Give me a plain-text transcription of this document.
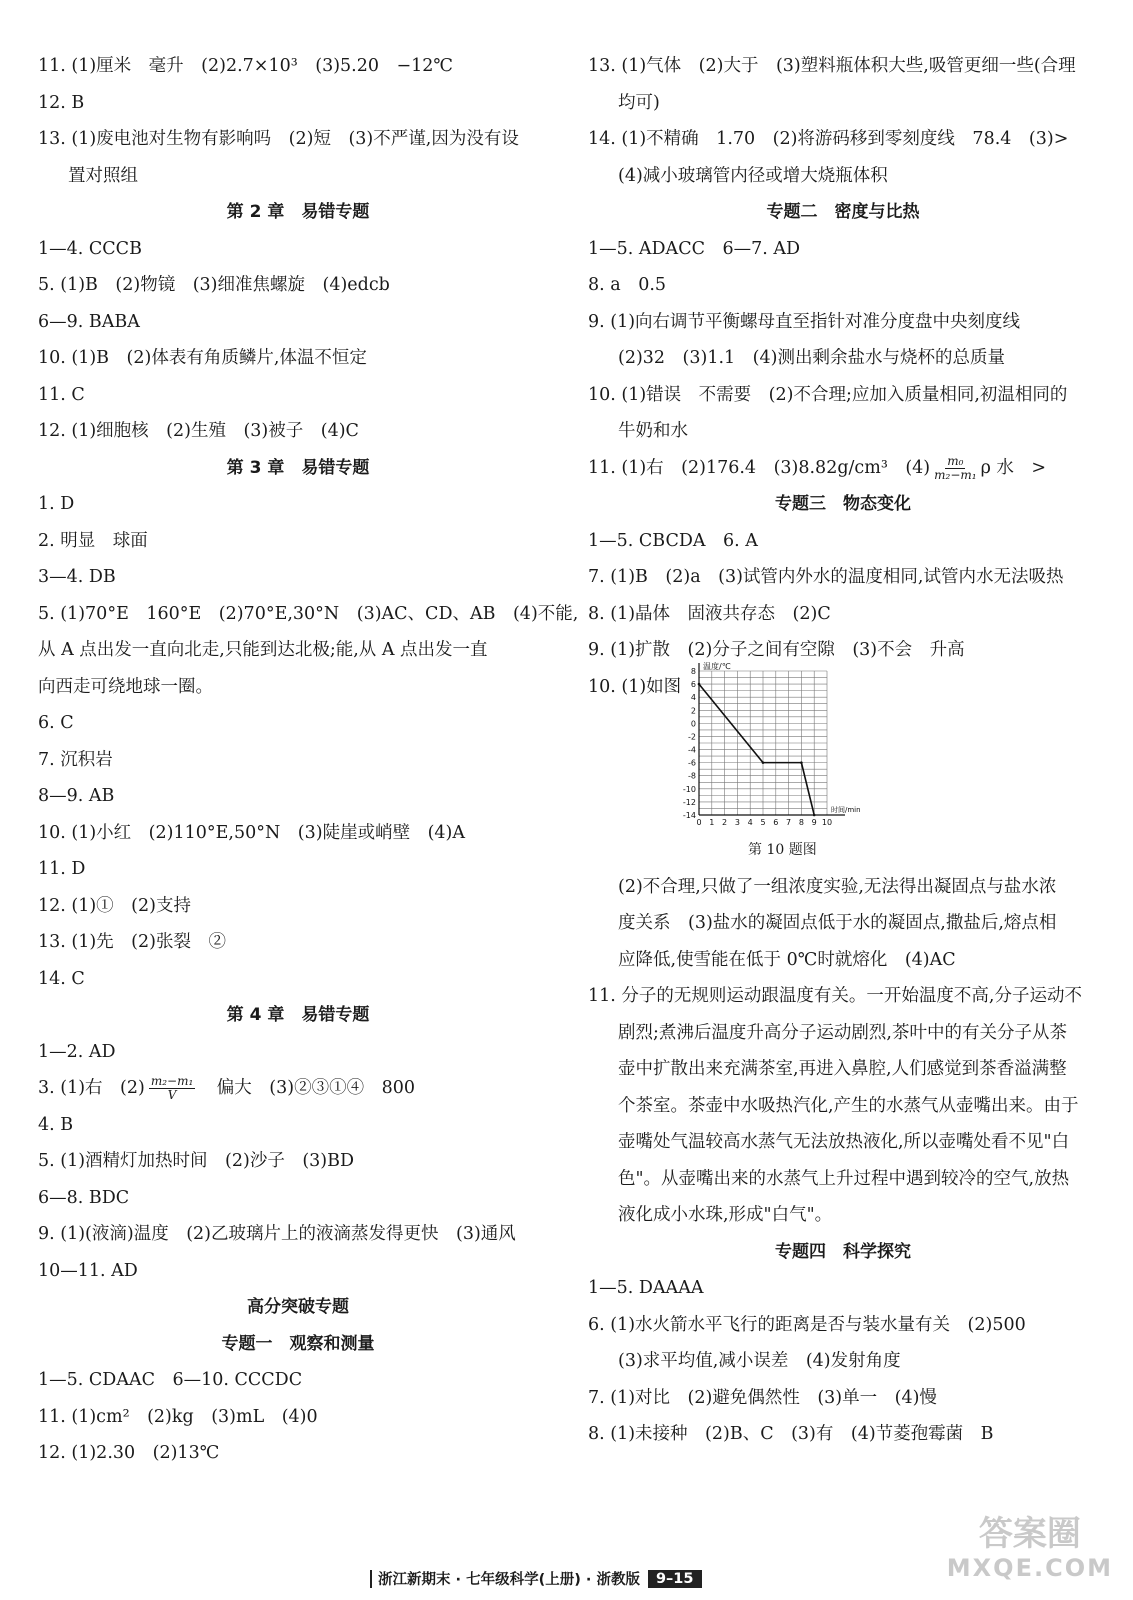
11. (1)厘米　毫升　(2)2.7×10³　(3)5.20　−12℃
12. B
13. (1)废电池对生物有影响吗　(2)短　(3)不严谨,因为没有设
置对照组
第 2 章　易错专题
1—4. CCCB
5. (1)B　(2)物镜　(3)细准焦螺旋　(4)edcb
6—9. BABA
10. (1)B　(2)体表有角质鳞片,体温不恒定
11. C
12. (1)细胞核　(2)生殖　(3)被子　(4)C
第 3 章　易错专题
1. D
2. 明显　球面
3—4. DB
5. (1)70°E　160°E　(2)70°E,30°N　(3)AC、CD、AB　(4)不能,
从 A 点出发一直向北走,只能到达北极;能,从 A 点出发一直
向西走可绕地球一圈。
6. C
7. 沉积岩
8—9. AB
10. (1)小红　(2)110°E,50°N　(3)陡崖或峭壁　(4)A
11. D
12. (1)①　(2)支持
13. (1)先　(2)张裂　②
14. C
第 4 章　易错专题
1—2. AD
3. (1)右　$(2) \frac{\text{m₂−m₁}}{V}$ 　偏大　(3)②③①④　800
4. B
5. (1)酒精灯加热时间　(2)沙子　(3)BD
6—8. BDC
9. (1)(液滴)温度　(2)乙玻璃片上的液滴蒸发得更快　(3)通风
10—11. AD
高分突破专题
专题一　观察和测量
1—5. CDAAC　6—10. CCCDC
11. (1)cm²　(2)kg　(3)mL　(4)0
12. (1)2.30　(2)13℃
13. (1)气体　(2)大于　(3)塑料瓶体积大些,吸管更细一些(合理
均可)
14. (1)不精确　1.70　(2)将游码移到零刻度线　78.4　(3)>
(4)减小玻璃管内径或增大烧瓶体积
专题二　密度与比热
1—5. ADACC　6—7. AD
8. a　0.5
9. (1)向右调节平衡螺母直至指针对准分度盘中央刻度线
(2)32　(3)1.1　(4)测出剩余盐水与烧杯的总质量
10. (1)错误　不需要　(2)不合理;应加入质量相同,初温相同的
牛奶和水
11. (1)右　(2)176.4　(3)8.82g/cm³　$(4) \frac{\text{m₀}}{\text{m₂−m₁}}$ ρ 水　>
专题三　物态变化
1—5. CBCDA　6. A
7. (1)B　(2)a　(3)试管内外水的温度相同,试管内水无法吸热
8. (1)晶体　固液共存态　(2)C
9. (1)扩散　(2)分子之间有空隙　(3)不会　升高
10. (1)如图
8
6
4
2
0
-2
-4
-6
-8
-10
-12
-14
0 1 2 3 4 5 6 7 8 9 10
温度/℃
时间/min
第 10 题图
(2)不合理,只做了一组浓度实验,无法得出凝固点与盐水浓
度关系　(3)盐水的凝固点低于水的凝固点,撒盐后,熔点相
应降低,使雪能在低于 0℃时就熔化　(4)AC
11. 分子的无规则运动跟温度有关。一开始温度不高,分子运动不
剧烈;煮沸后温度升高分子运动剧烈,茶叶中的有关分子从茶
壶中扩散出来充满茶室,再进入鼻腔,人们感觉到茶香溢满整
个茶室。茶壶中水吸热汽化,产生的水蒸气从壶嘴出来。由于
壶嘴处气温较高水蒸气无法放热液化,所以壶嘴处看不见"白
色"。从壶嘴出来的水蒸气上升过程中遇到较冷的空气,放热
液化成小水珠,形成"白气"。
专题四　科学探究
1—5. DAAAA
6. (1)水火箭水平飞行的距离是否与装水量有关　(2)500
(3)求平均值,减小误差　(4)发射角度
7. (1)对比　(2)避免偶然性　(3)单一　(4)慢
8. (1)未接种　(2)B、C　(3)有　(4)节菱孢霉菌　B
浙江新期末 · 七年级科学(上册) · 浙教版	9–15
答案圈
MXQE.COM
